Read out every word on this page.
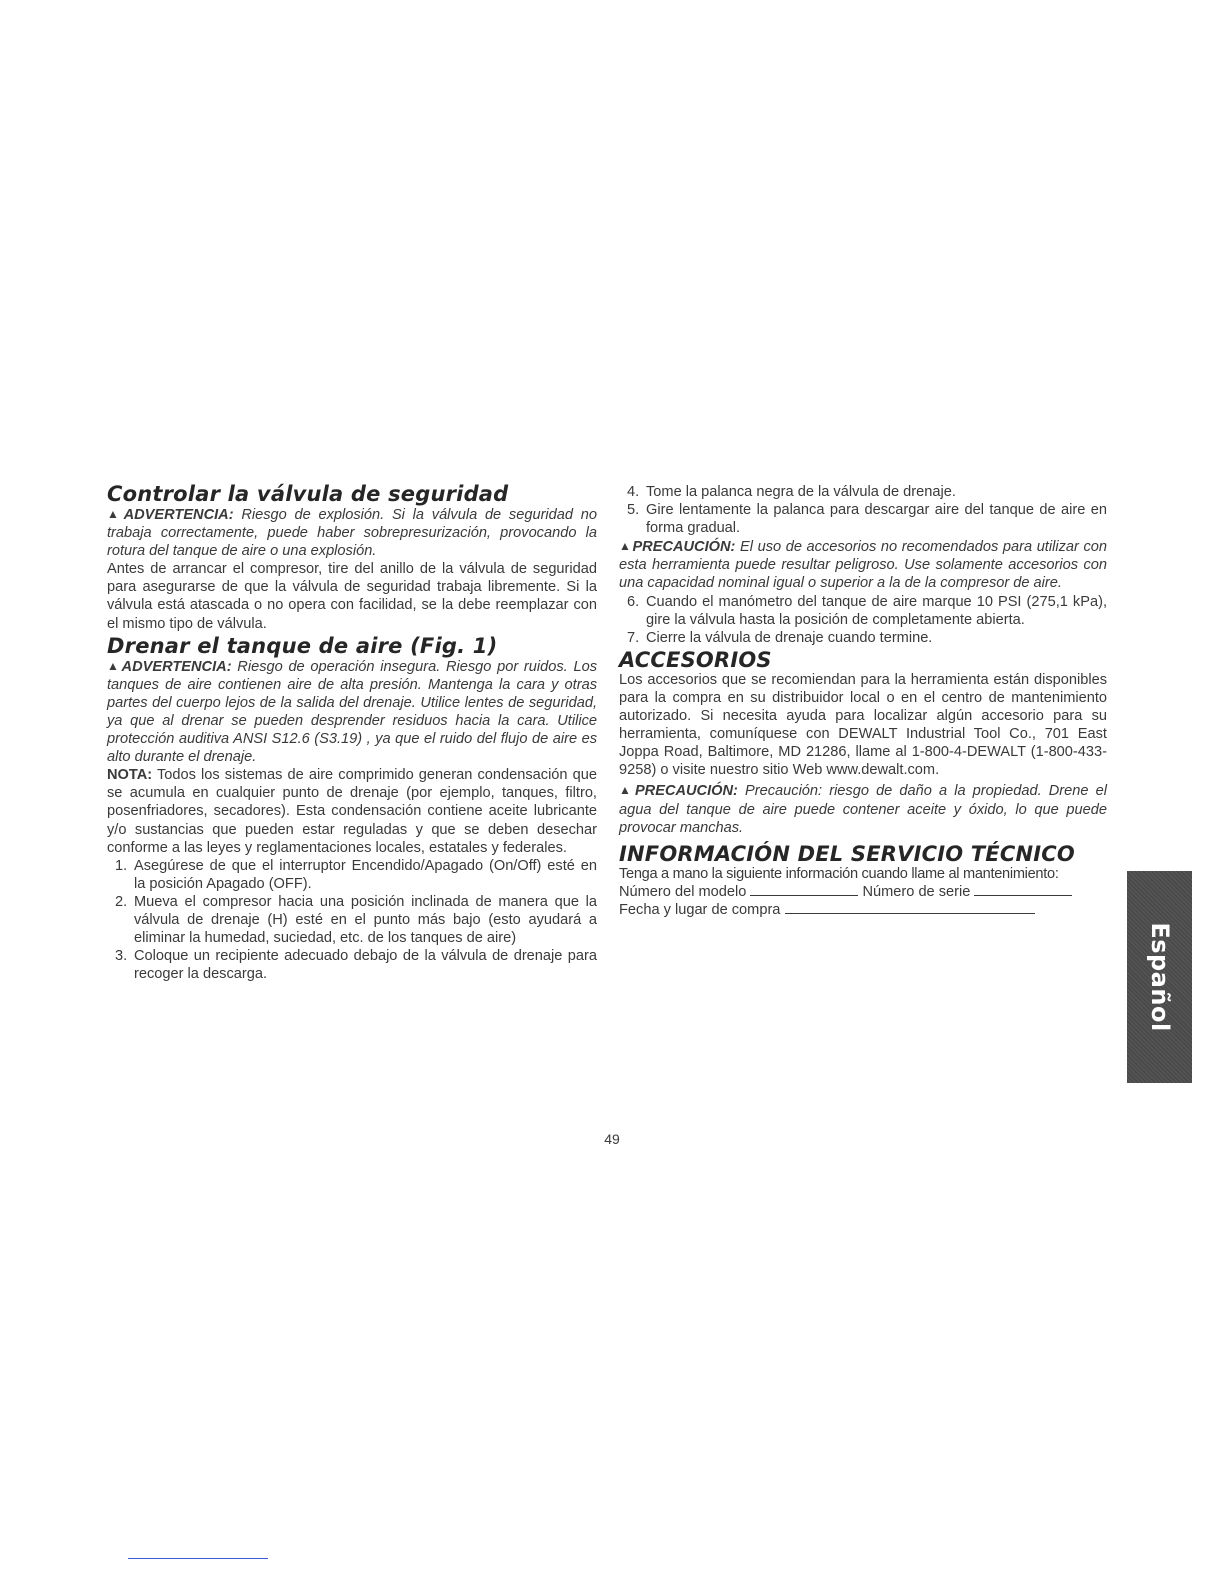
Controlar la válvula de seguridad

▲ADVERTENCIA: Riesgo de explosión. Si la válvula de seguridad no trabaja correctamente, puede haber sobrepresurización, provocando la rotura del tanque de aire o una explosión.

Antes de arrancar el compresor, tire del anillo de la válvula de seguridad para asegurarse de que la válvula de seguridad trabaja libremente. Si la válvula está atascada o no opera con facilidad, se la debe reemplazar con el mismo tipo de válvula.

Drenar el tanque de aire (Fig. 1)

▲ADVERTENCIA: Riesgo de operación insegura. Riesgo por ruidos. Los tanques de aire contienen aire de alta presión. Mantenga la cara y otras partes del cuerpo lejos de la salida del drenaje. Utilice lentes de seguridad, ya que al drenar se pueden desprender residuos hacia la cara. Utilice protección auditiva ANSI S12.6 (S3.19) , ya que el ruido del flujo de aire es alto durante el drenaje.

NOTA: Todos los sistemas de aire comprimido generan condensación que se acumula en cualquier punto de drenaje (por ejemplo, tanques, filtro, posenfriadores, secadores). Esta condensación contiene aceite lubricante y/o sustancias que pueden estar reguladas y que se deben desechar conforme a las leyes y reglamentaciones locales, estatales y federales.

1. Asegúrese de que el interruptor Encendido/Apagado (On/Off) esté en la posición Apagado (OFF).
2. Mueva el compresor hacia una posición inclinada de manera que la válvula de drenaje (H) esté en el punto más bajo (esto ayudará a eliminar la humedad, suciedad, etc. de los tanques de aire)
3. Coloque un recipiente adecuado debajo de la válvula de drenaje para recoger la descarga.
4. Tome la palanca negra de la válvula de drenaje.
5. Gire lentamente la palanca para descargar aire del tanque de aire en forma gradual.

▲PRECAUCIÓN: El uso de accesorios no recomendados para utilizar con esta herramienta puede resultar peligroso. Use solamente accesorios con una capacidad nominal igual o superior a la de la compresor de aire.

6. Cuando el manómetro del tanque de aire marque 10 PSI (275,1 kPa), gire la válvula hasta la posición de completamente abierta.
7. Cierre la válvula de drenaje cuando termine.
ACCESORIOS

Los accesorios que se recomiendan para la herramienta están disponibles para la compra en su distribuidor local o en el centro de mantenimiento autorizado. Si necesita ayuda para localizar algún accesorio para su herramienta, comuníquese con DEWALT Industrial Tool Co., 701 East Joppa Road, Baltimore, MD 21286, llame al 1-800-4-DEWALT (1-800-433-9258) o visite nuestro sitio Web www.dewalt.com.

▲PRECAUCIÓN: Precaución: riesgo de daño a la propiedad. Drene el agua del tanque de aire puede contener aceite y óxido, lo que puede provocar manchas.

INFORMACIÓN DEL SERVICIO TÉCNICO

Tenga a mano la siguiente información cuando llame al mantenimiento:

Número del modelo	Número de serie
Fecha y lugar de compra
Español
49
